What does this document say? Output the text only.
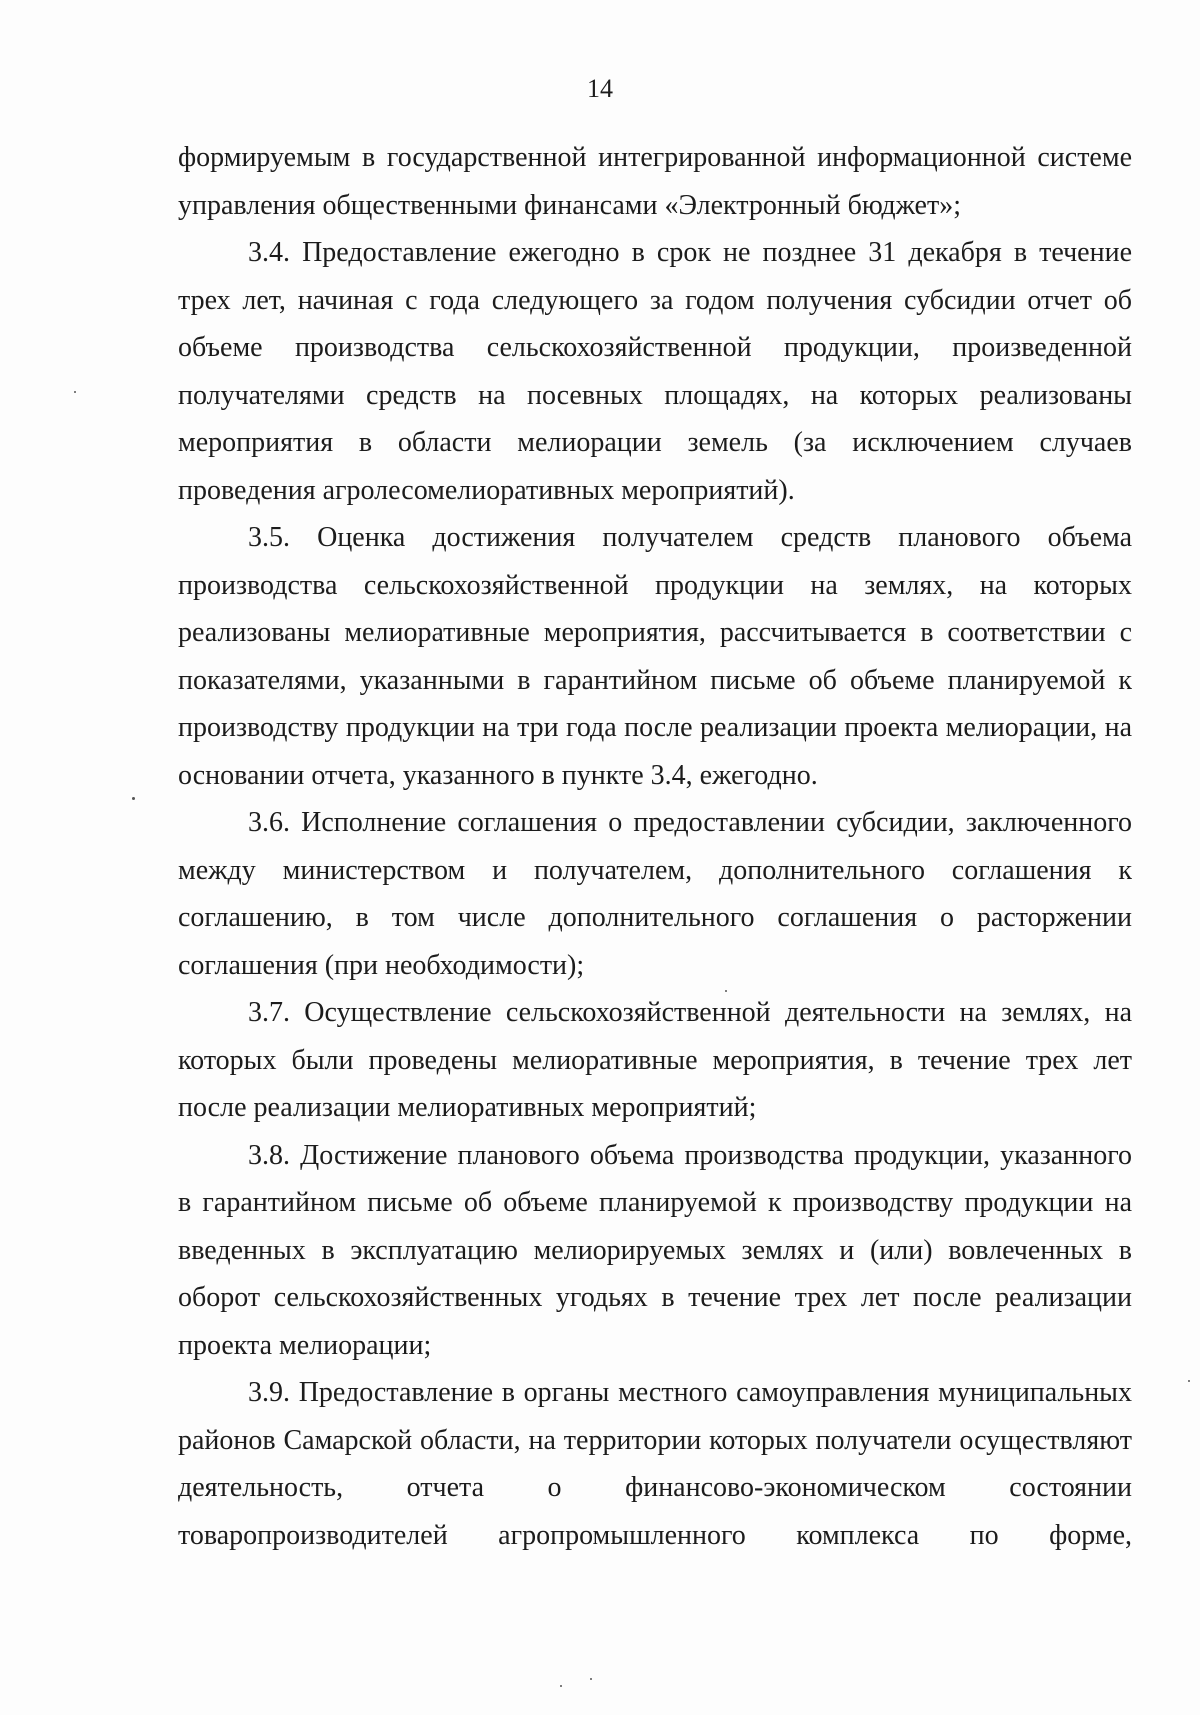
14

формируемым в государственной интегрированной информационной системе управления общественными финансами «Электронный бюджет»;

3.4. Предоставление ежегодно в срок не позднее 31 декабря в течение трех лет, начиная с года следующего за годом получения субсидии отчет об объеме производства сельскохозяйственной продукции, произведенной получателями средств на посевных площадях, на которых реализованы мероприятия в области мелиорации земель (за исключением случаев проведения агролесомелиоративных мероприятий).

3.5. Оценка достижения получателем средств планового объема производства сельскохозяйственной продукции на землях, на которых реализованы мелиоративные мероприятия, рассчитывается в соответствии с показателями, указанными в гарантийном письме об объеме планируемой к производству продукции на три года после реализации проекта мелиорации, на основании отчета, указанного в пункте 3.4, ежегодно.

3.6. Исполнение соглашения о предоставлении субсидии, заключенного между министерством и получателем, дополнительного соглашения к соглашению, в том числе дополнительного соглашения о расторжении соглашения (при необходимости);

3.7. Осуществление сельскохозяйственной деятельности на землях, на которых были проведены мелиоративные мероприятия, в течение трех лет после реализации мелиоративных мероприятий;

3.8. Достижение планового объема производства продукции, указанного в гарантийном письме об объеме планируемой к производству продукции на введенных в эксплуатацию мелиорируемых землях и (или) вовлеченных в оборот сельскохозяйственных угодьях в течение трех лет после реализации проекта мелиорации;

3.9. Предоставление в органы местного самоуправления муниципальных районов Самарской области, на территории которых получатели осуществляют деятельность, отчета о финансово-экономическом состоянии товаропроизводителей агропромышленного комплекса по форме,
